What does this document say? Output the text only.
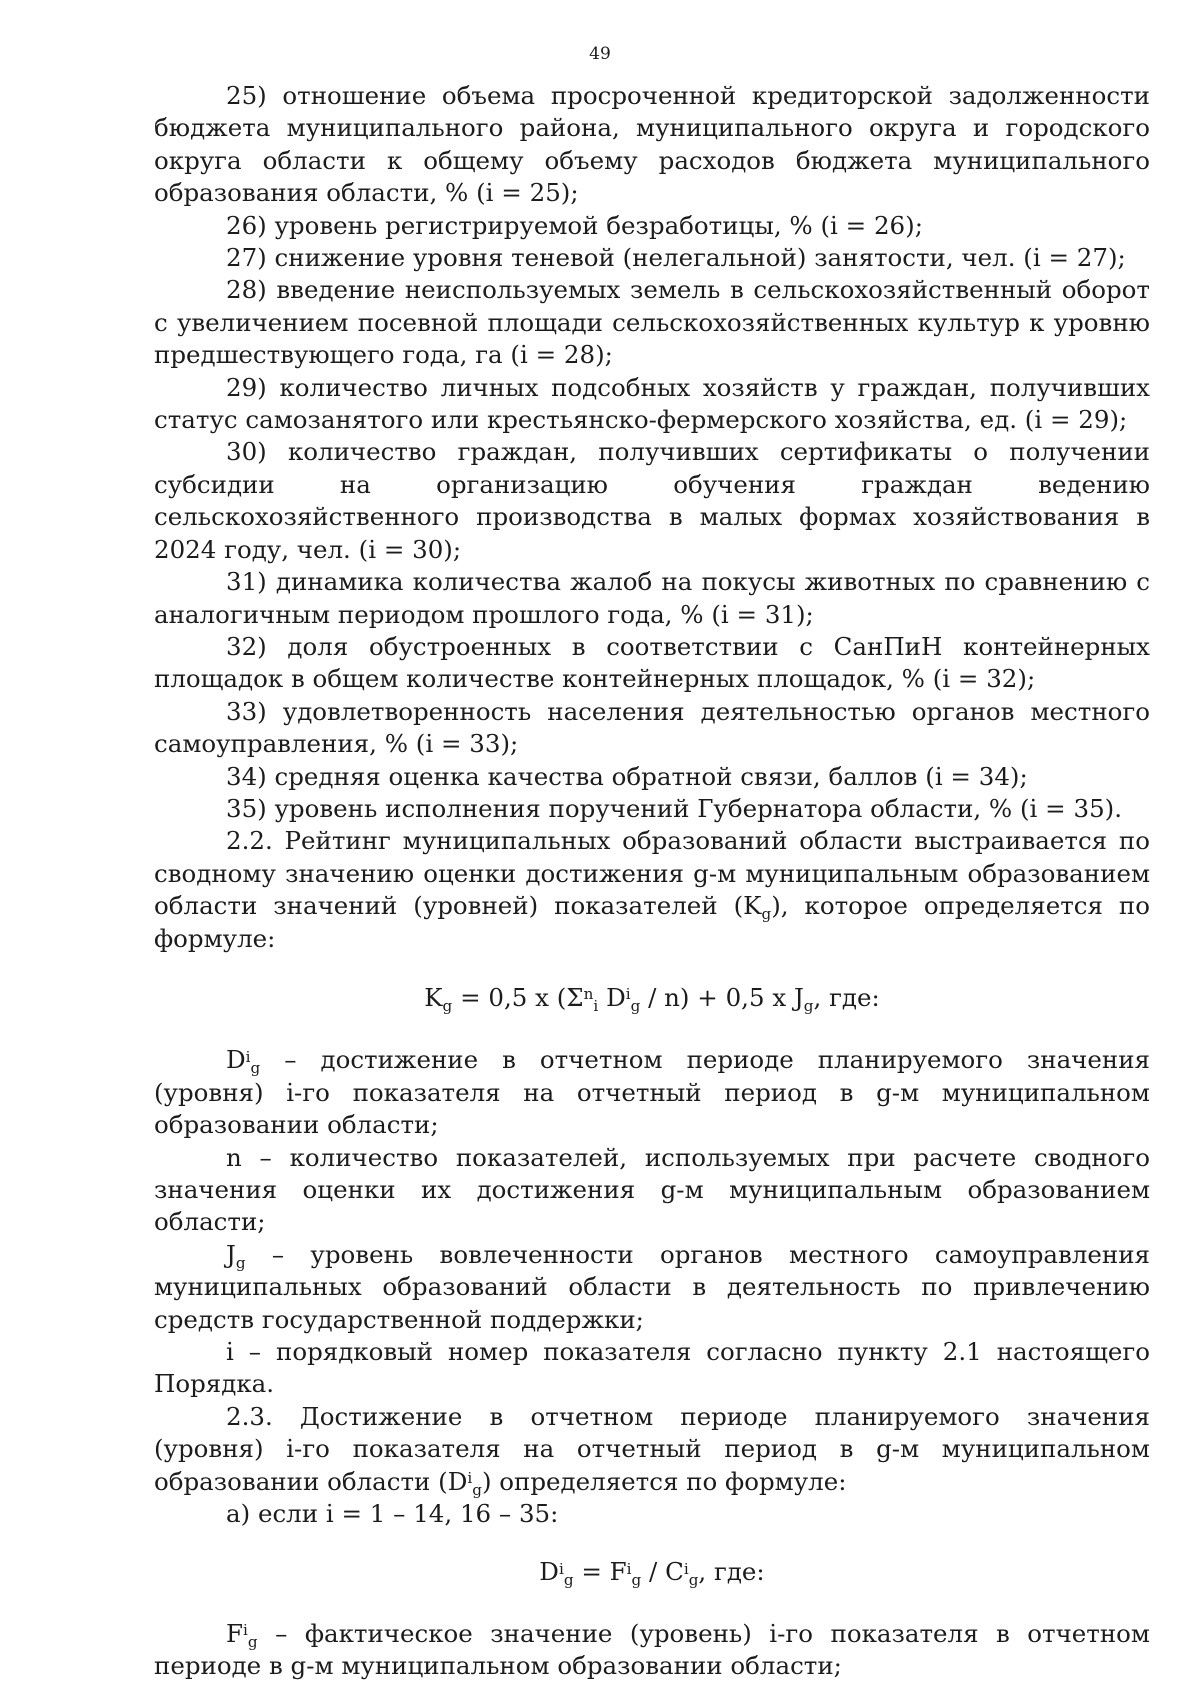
49

25) отношение объема просроченной кредиторской задолженности бюджета муниципального района, муниципального округа и городского округа области к общему объему расходов бюджета муниципального образования области, % (i = 25);

26) уровень регистрируемой безработицы, % (i = 26);

27) снижение уровня теневой (нелегальной) занятости, чел. (i = 27);

28) введение неиспользуемых земель в сельскохозяйственный оборот с увеличением посевной площади сельскохозяйственных культур к уровню предшествующего года, га (i = 28);

29) количество личных подсобных хозяйств у граждан, получивших статус самозанятого или крестьянско-фермерского хозяйства, ед. (i = 29);

30) количество граждан, получивших сертификаты о получении субсидии на организацию обучения граждан ведению сельскохозяйственного производства в малых формах хозяйствования в 2024 году, чел. (i = 30);

31) динамика количества жалоб на покусы животных по сравнению с аналогичным периодом прошлого года, % (i = 31);

32) доля обустроенных в соответствии с СанПиН контейнерных площадок в общем количестве контейнерных площадок, % (i = 32);

33) удовлетворенность населения деятельностью органов местного самоуправления, % (i = 33);

34) средняя оценка качества обратной связи, баллов (i = 34);

35) уровень исполнения поручений Губернатора области, % (i = 35).

2.2. Рейтинг муниципальных образований области выстраивается по сводному значению оценки достижения g-м муниципальным образованием области значений (уровней) показателей $(K_g)$, которое определяется по формуле:

$K_g = 0,5$ x ($\Sigma^n_i$ $D^i_g / n) + 0,5$ x $J_g$, где:

$D^i_g$ – достижение в отчетном периоде планируемого значения (уровня) i-го показателя на отчетный период в g-м муниципальном образовании области;

n – количество показателей, используемых при расчете сводного значения оценки их достижения g-м муниципальным образованием области;

$J_g$ – уровень вовлеченности органов местного самоуправления муниципальных образований области в деятельность по привлечению средств государственной поддержки;

i – порядковый номер показателя согласно пункту 2.1 настоящего Порядка.

2.3. Достижение в отчетном периоде планируемого значения (уровня) i-го показателя на отчетный период в g-м муниципальном образовании области $(D^i_g)$ определяется по формуле:

а) если i = 1 – 14, 16 – 35:

$D^i_g = F^i_g / C^i_g$, где:

$F^i_g$ – фактическое значение (уровень) i-го показателя в отчетном периоде в g-м муниципальном образовании области;
